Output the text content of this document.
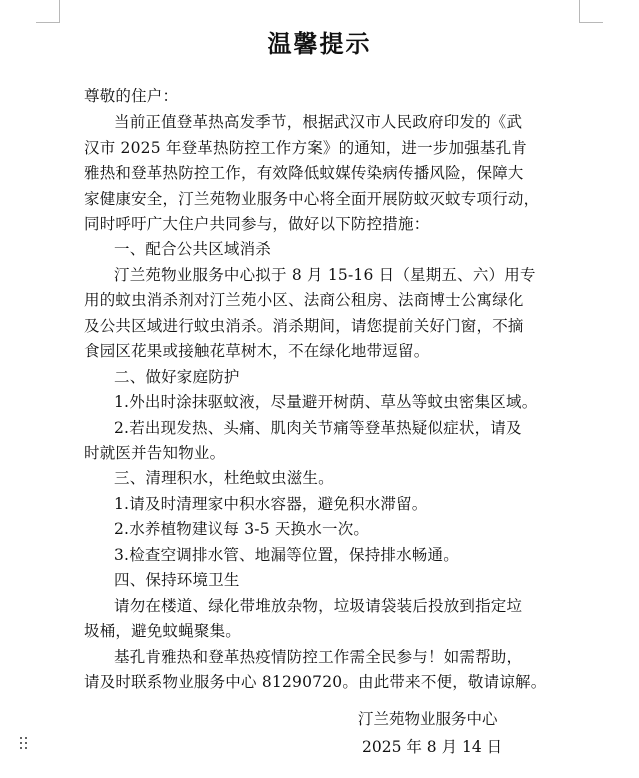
温馨提示
尊敬的住户：
当前正值登革热高发季节，根据武汉市人民政府印发的《武
汉市 2025 年登革热防控工作方案》的通知，进一步加强基孔肯
雅热和登革热防控工作，有效降低蚊媒传染病传播风险，保障大
家健康安全，汀兰苑物业服务中心将全面开展防蚊灭蚊专项行动，
同时呼吁广大住户共同参与，做好以下防控措施：
一、配合公共区域消杀
汀兰苑物业服务中心拟于 8 月 15-16 日（星期五、六）用专
用的蚊虫消杀剂对汀兰苑小区、法商公租房、法商博士公寓绿化
及公共区域进行蚊虫消杀。消杀期间，请您提前关好门窗，不摘
食园区花果或接触花草树木，不在绿化地带逗留。
二、做好家庭防护
1.外出时涂抹驱蚊液，尽量避开树荫、草丛等蚊虫密集区域。
2.若出现发热、头痛、肌肉关节痛等登革热疑似症状，请及
时就医并告知物业。
三、清理积水，杜绝蚊虫滋生。
1.请及时清理家中积水容器，避免积水滞留。
2.水养植物建议每 3-5 天换水一次。
3.检查空调排水管、地漏等位置，保持排水畅通。
四、保持环境卫生
请勿在楼道、绿化带堆放杂物，垃圾请袋装后投放到指定垃
圾桶，避免蚊蝇聚集。
基孔肯雅热和登革热疫情防控工作需全民参与！如需帮助，
请及时联系物业服务中心 81290720。由此带来不便，敬请谅解。
汀兰苑物业服务中心
2025 年 8 月 14 日
